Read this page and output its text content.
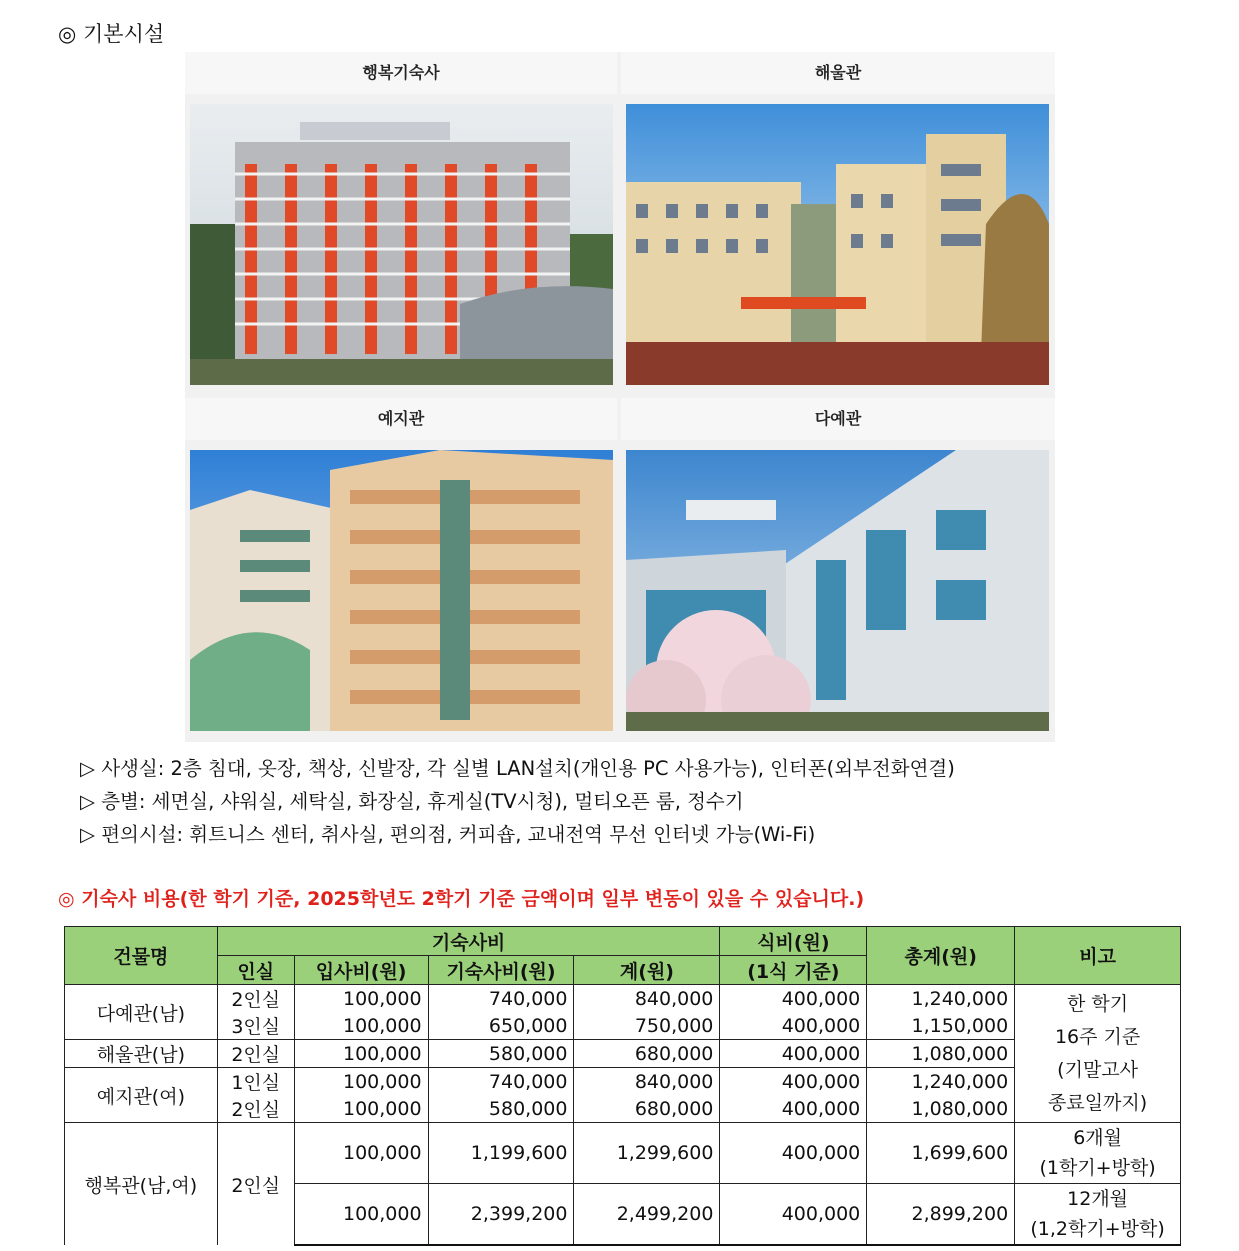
◎ 기본시설
행복기숙사	해울관
예지관	다예관
▷ 사생실: 2층 침대, 옷장, 책상, 신발장, 각 실별 LAN설치(개인용 PC 사용가능), 인터폰(외부전화연결)
▷ 층별: 세면실, 샤워실, 세탁실, 화장실, 휴게실(TV시청), 멀티오픈 룸, 정수기
▷ 편의시설: 휘트니스 센터, 취사실, 편의점, 커피숍, 교내전역 무선 인터넷 가능(Wi-Fi)
◎ 기숙사 비용(한 학기 기준, 2025학년도 2학기 기준 금액이며 일부 변동이 있을 수 있습니다.)
건물명	기숙사비				식비(원)	총계(원)	비고
	인실	입사비(원)	기숙사비(원)	계(원)	(1식 기준)		
다예관(남)	2인실	100,000	740,000	840,000	400,000	1,240,000	한 학기
16주 기준
(기말고사
종료일까지)

	3인실	100,000	650,000	750,000	400,000	1,150,000	
해울관(남)	2인실	100,000	580,000	680,000	400,000	1,080,000	
예지관(여)	1인실	100,000	740,000	840,000	400,000	1,240,000	
	2인실	100,000	580,000	680,000	400,000	1,080,000	
행복관(남,여)	2인실	100,000	1,199,600	1,299,600	400,000	1,699,600	6개월
(1학기+방학)

		100,000	2,399,200	2,499,200	400,000	2,899,200	12개월
(1,2학기+방학)
